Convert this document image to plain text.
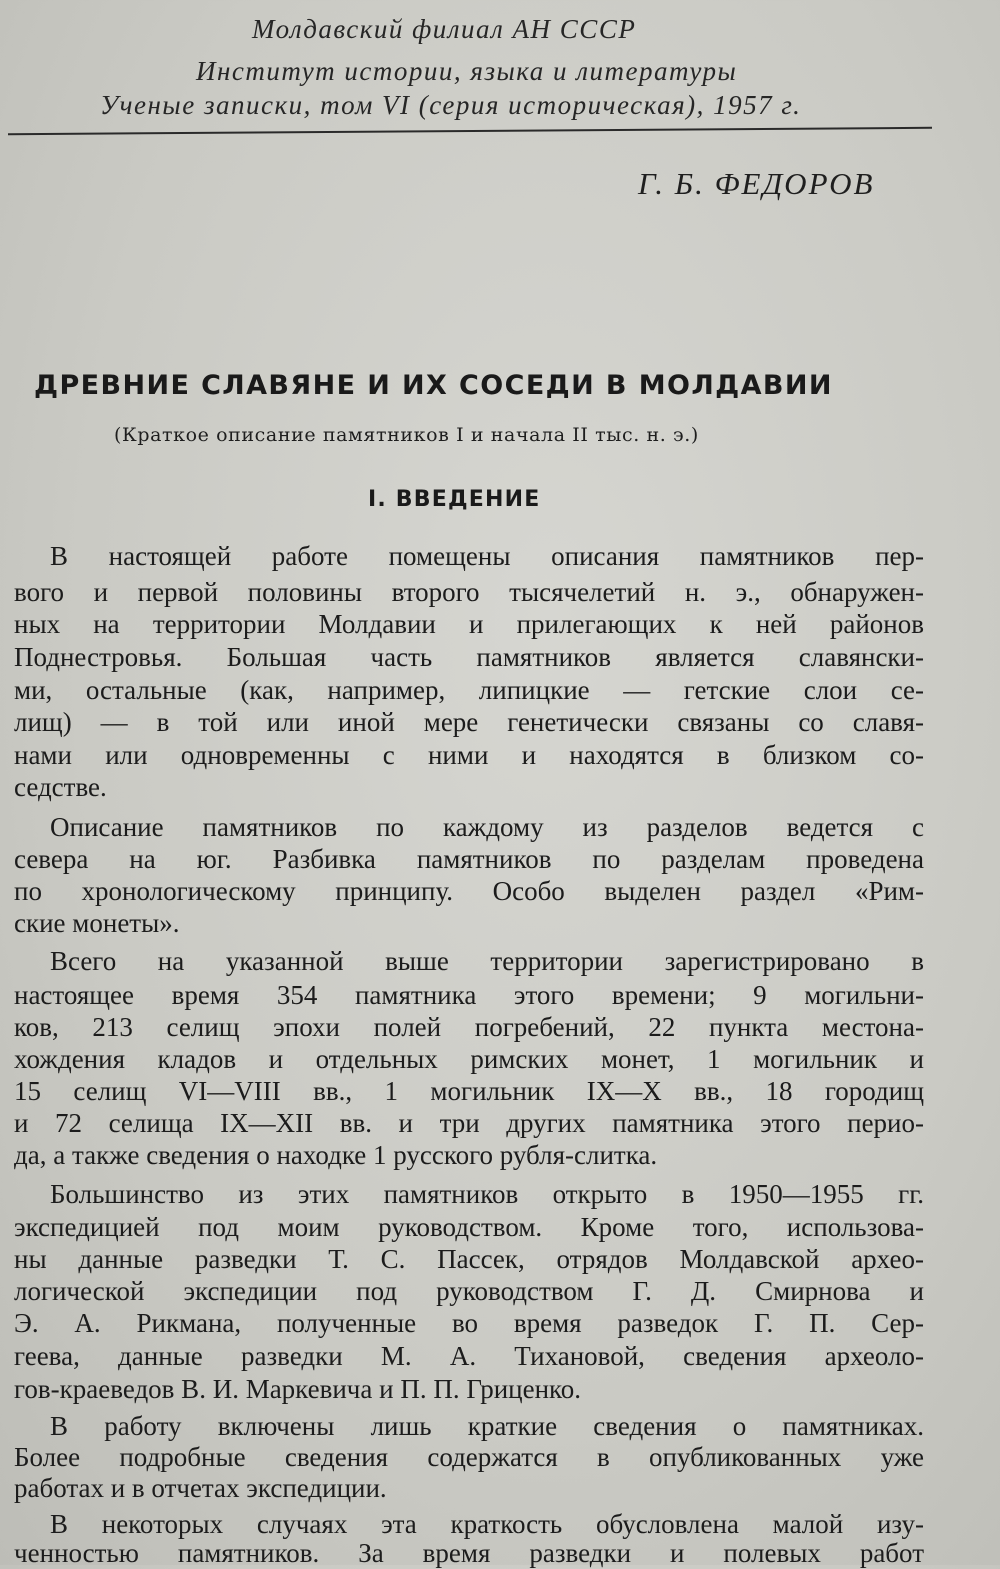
Молдавский филиал АН СССР
Институт истории, языка и литературы
Ученые записки, том VI (серия историческая), 1957 г.
Г. Б. ФЕДОРОВ
ДРЕВНИЕ СЛАВЯНЕ И ИХ СОСЕДИ В МОЛДАВИИ
(Краткое описание памятников I и начала II тыс. н. э.)
I. ВВЕДЕНИЕ
В настоящей работе помещены описания памятников пер-
вого и первой половины второго тысячелетий н. э., обнаружен-
ных на территории Молдавии и прилегающих к ней районов
Поднестровья. Большая часть памятников является славянски-
ми, остальные (как, например, липицкие — гетские слои се-
лищ) — в той или иной мере генетически связаны со славя-
нами или одновременны с ними и находятся в близком со-
седстве.
Описание памятников по каждому из разделов ведется с
севера на юг. Разбивка памятников по разделам проведена
по хронологическому принципу. Особо выделен раздел «Рим-
ские монеты».
Всего на указанной выше территории зарегистрировано в
настоящее время 354 памятника этого времени; 9 могильни-
ков, 213 селищ эпохи полей погребений, 22 пункта местона-
хождения кладов и отдельных римских монет, 1 могильник и
15 селищ VI—VIII вв., 1 могильник IX—X вв., 18 городищ
и 72 селища IX—XII вв. и три других памятника этого перио-
да, а также сведения о находке 1 русского рубля-слитка.
Большинство из этих памятников открыто в 1950—1955 гг.
экспедицией под моим руководством. Кроме того, использова-
ны данные разведки Т. С. Пассек, отрядов Молдавской архео-
логической экспедиции под руководством Г. Д. Смирнова и
Э. А. Рикмана, полученные во время разведок Г. П. Сер-
геева, данные разведки М. А. Тихановой, сведения археоло-
гов-краеведов В. И. Маркевича и П. П. Гриценко.
В работу включены лишь краткие сведения о памятниках.
Более подробные сведения содержатся в опубликованных уже
работах и в отчетах экспедиции.
В некоторых случаях эта краткость обусловлена малой изу-
ченностью памятников. За время разведки и полевых работ
